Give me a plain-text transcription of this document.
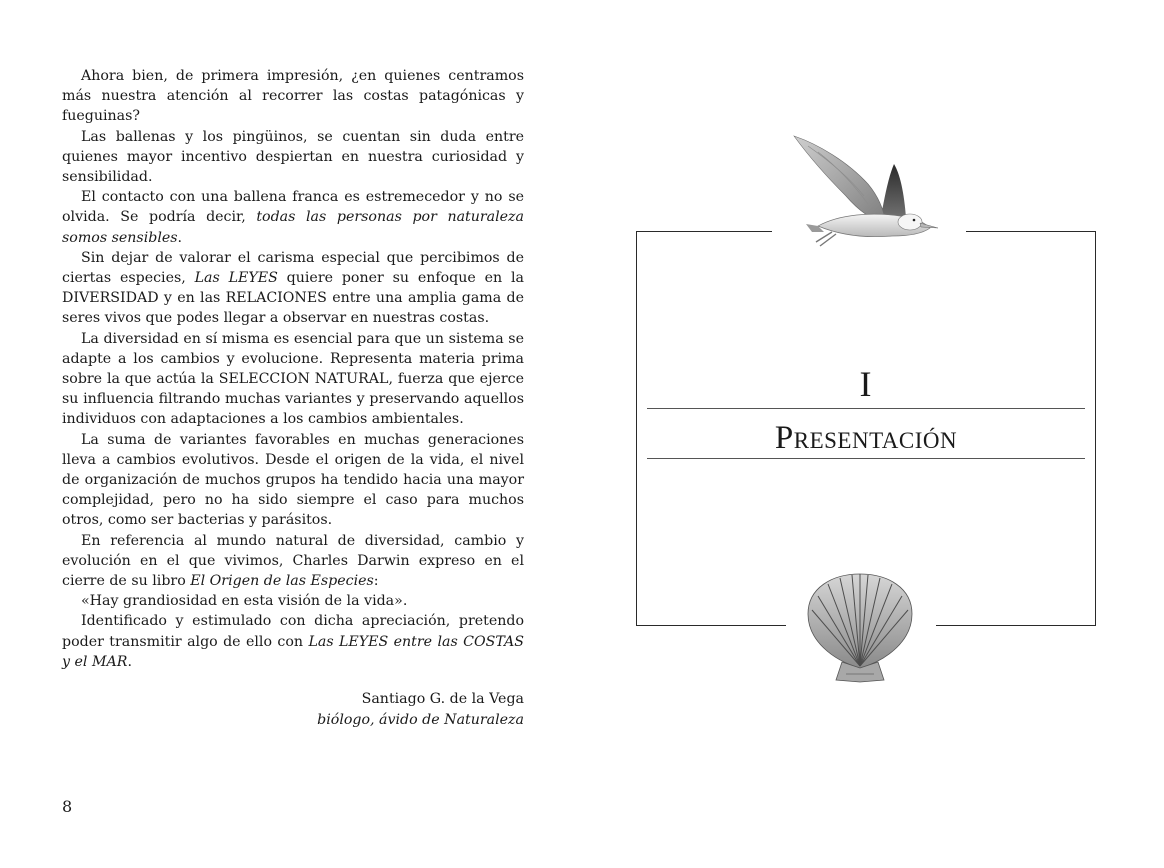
Ahora bien, de primera impresión, ¿en quienes centramos más nuestra atención al recorrer las costas patagónicas y fueguinas?

Las ballenas y los pingüinos, se cuentan sin duda entre quienes mayor incentivo despiertan en nuestra curiosidad y sensibilidad.

El contacto con una ballena franca es estremecedor y no se olvida. Se podría decir, todas las personas por naturaleza somos sensibles.

Sin dejar de valorar el carisma especial que percibimos de ciertas especies, Las LEYES quiere poner su enfoque en la DIVERSIDAD y en las RELACIONES entre una amplia gama de seres vivos que podes llegar a observar en nuestras costas.

La diversidad en sí misma es esencial para que un sistema se adapte a los cambios y evolucione. Representa materia prima sobre la que actúa la SELECCION NATURAL, fuerza que ejerce su influencia filtrando muchas variantes y preservando aquellos individuos con adaptaciones a los cambios ambientales.

La suma de variantes favorables en muchas generaciones lleva a cambios evolutivos. Desde el origen de la vida, el nivel de organización de muchos grupos ha tendido hacia una mayor complejidad, pero no ha sido siempre el caso para muchos otros, como ser bacterias y parásitos.

En referencia al mundo natural de diversidad, cambio y evolución en el que vivimos, Charles Darwin expreso en el cierre de su libro El Origen de las Especies:

«Hay grandiosidad en esta visión de la vida».

Identificado y estimulado con dicha apreciación, pretendo poder transmitir algo de ello con Las LEYES entre las COSTAS y el MAR.

Santiago G. de la Vega
biólogo, ávido de Naturaleza
8
I
Presentación
